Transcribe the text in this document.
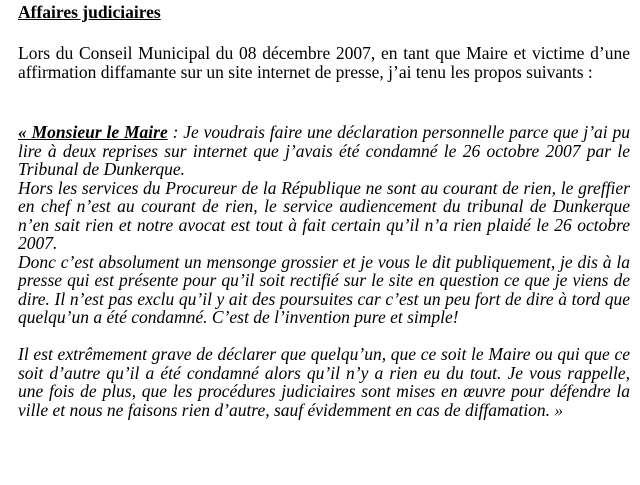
Affaires judiciaires
Lors du Conseil Municipal du 08 décembre 2007, en tant que Maire et victime d’une affirmation diffamante sur un site internet de presse, j’ai tenu les propos suivants :

« Monsieur le Maire : Je voudrais faire une déclaration personnelle parce que j’ai pu lire à deux reprises sur internet que j’avais été condamné le 26 octobre 2007 par le Tribunal de Dunkerque.

Hors les services du Procureur de la République ne sont au courant de rien, le greffier en chef n’est au courant de rien, le service audiencement du tribunal de Dunkerque n’en sait rien et notre avocat est tout à fait certain qu’il n’a rien plaidé le 26 octobre 2007.

Donc c’est absolument un mensonge grossier et je vous le dit publiquement, je dis à la presse qui est présente pour qu’il soit rectifié sur le site en question ce que je viens de dire. Il n’est pas exclu qu’il y ait des poursuites car c’est un peu fort de dire à tord que quelqu’un a été condamné. C’est de l’invention pure et simple!

Il est extrêmement grave de déclarer que quelqu’un, que ce soit le Maire ou qui que ce soit d’autre qu’il a été condamné alors qu’il n’y a rien eu du tout. Je vous rappelle, une fois de plus, que les procédures judiciaires sont mises en œuvre pour défendre la ville et nous ne faisons rien d’autre, sauf évidemment en cas de diffamation. »
